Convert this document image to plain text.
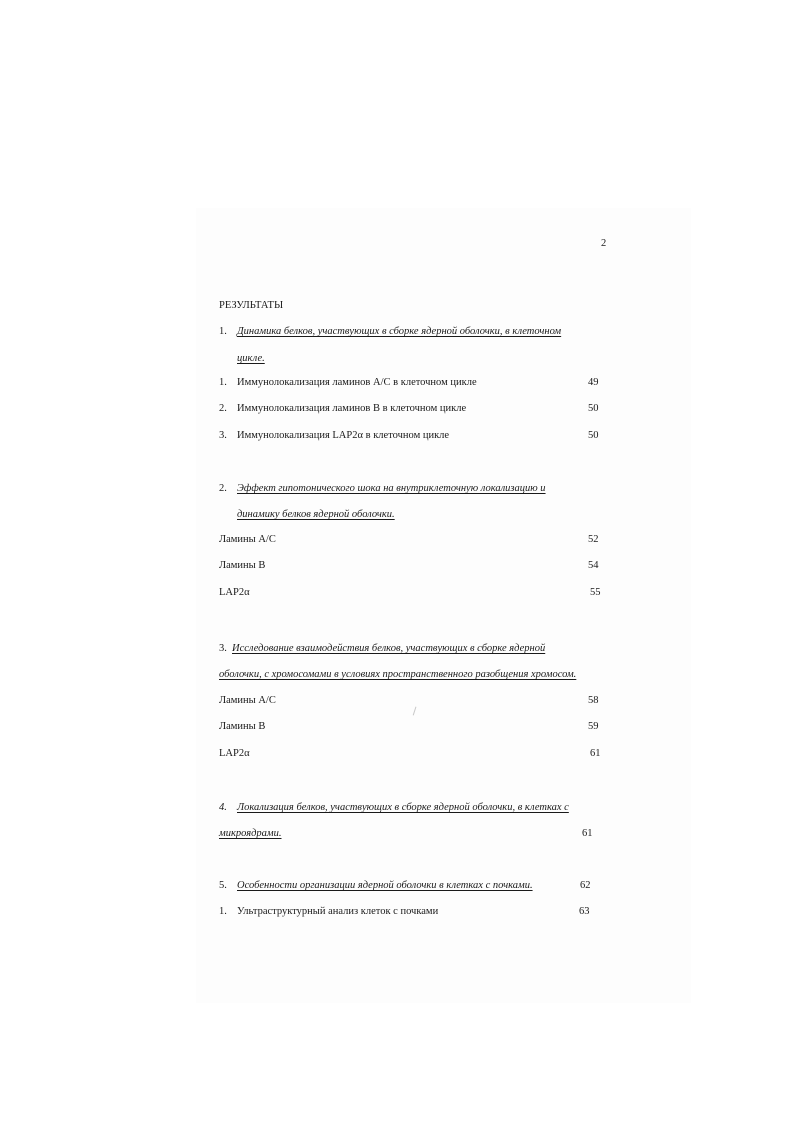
2
РЕЗУЛЬТАТЫ
1. Динамика белков, участвующих в сборке ядерной оболочки, в клеточном
цикле.
1. Иммунолокализация ламинов А/С в клеточном цикле	49
2. Иммунолокализация ламинов В в клеточном цикле	50
3. Иммунолокализация LAP2α в клеточном цикле	50
2. Эффект гипотонического шока на внутриклеточную локализацию и
динамику белков ядерной оболочки.
Ламины А/С	52
Ламины В	54
LAP2α	55
3. Исследование взаимодействия белков, участвующих в сборке ядерной
оболочки, с хромосомами в условиях пространственного разобщения хромосом.
Ламины А/С	58
Ламины В	59
LAP2α	61
4. Локализация белков, участвующих в сборке ядерной оболочки, в клетках с
микроядрами.	61
5. Особенности организации ядерной оболочки в клетках с почками.	62
1. Ультраструктурный анализ клеток с почками	63
